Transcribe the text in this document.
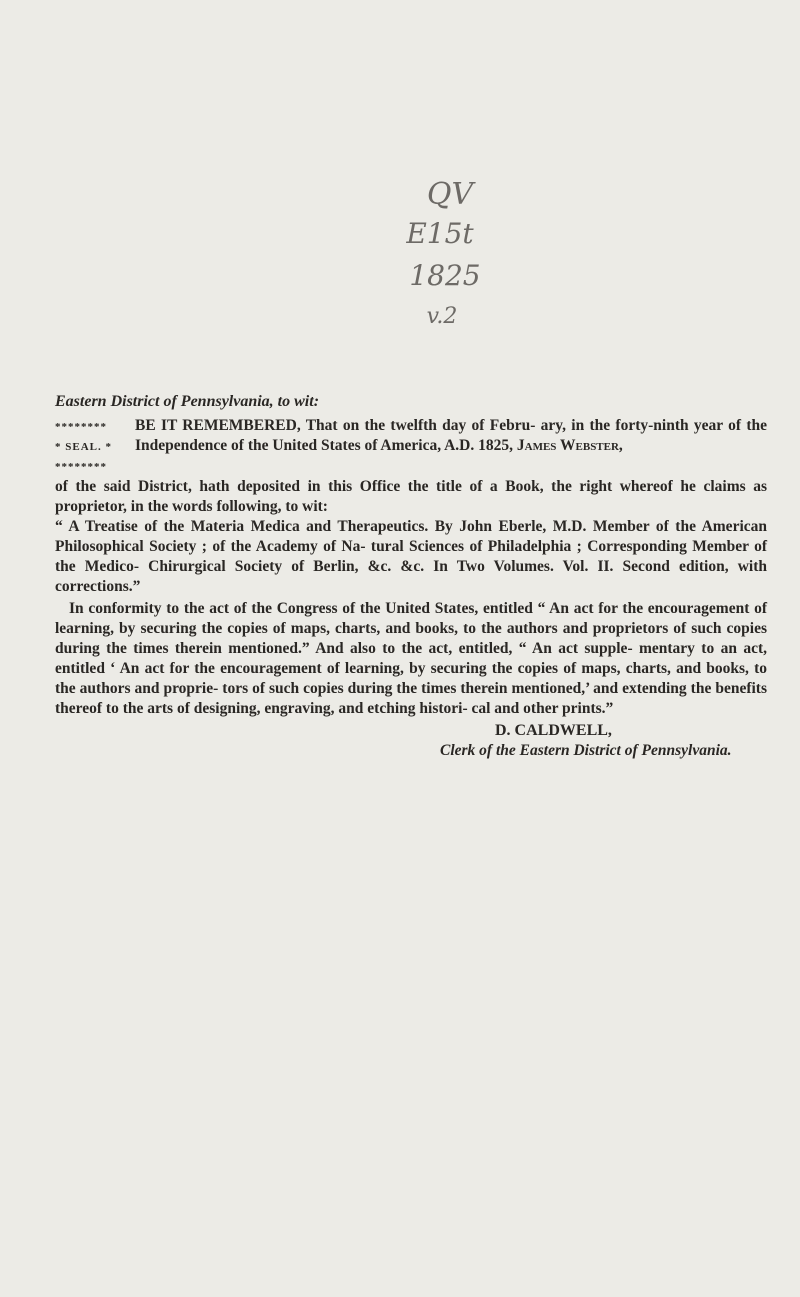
QV
E15t
1825
v.2
Eastern District of Pennsylvania, to wit:
********
* SEAL. *
********
BE IT REMEMBERED, That on the twelfth day of Febru- ary, in the forty-ninth year of the Independence of the United States of America, A.D. 1825, James Webster,

of the said District, hath deposited in this Office the title of a Book, the right whereof he claims as proprietor, in the words following, to wit:

“ A Treatise of the Materia Medica and Therapeutics. By John Eberle, M.D. Member of the American Philosophical Society ; of the Academy of Na- tural Sciences of Philadelphia ; Corresponding Member of the Medico- Chirurgical Society of Berlin, &c. &c. In Two Volumes. Vol. II. Second edition, with corrections.”

In conformity to the act of the Congress of the United States, entitled “ An act for the encouragement of learning, by securing the copies of maps, charts, and books, to the authors and proprietors of such copies during the times therein mentioned.” And also to the act, entitled, “ An act supple- mentary to an act, entitled ‘ An act for the encouragement of learning, by securing the copies of maps, charts, and books, to the authors and proprie- tors of such copies during the times therein mentioned,’ and extending the benefits thereof to the arts of designing, engraving, and etching histori- cal and other prints.”

D. CALDWELL,
Clerk of the Eastern District of Pennsylvania.
